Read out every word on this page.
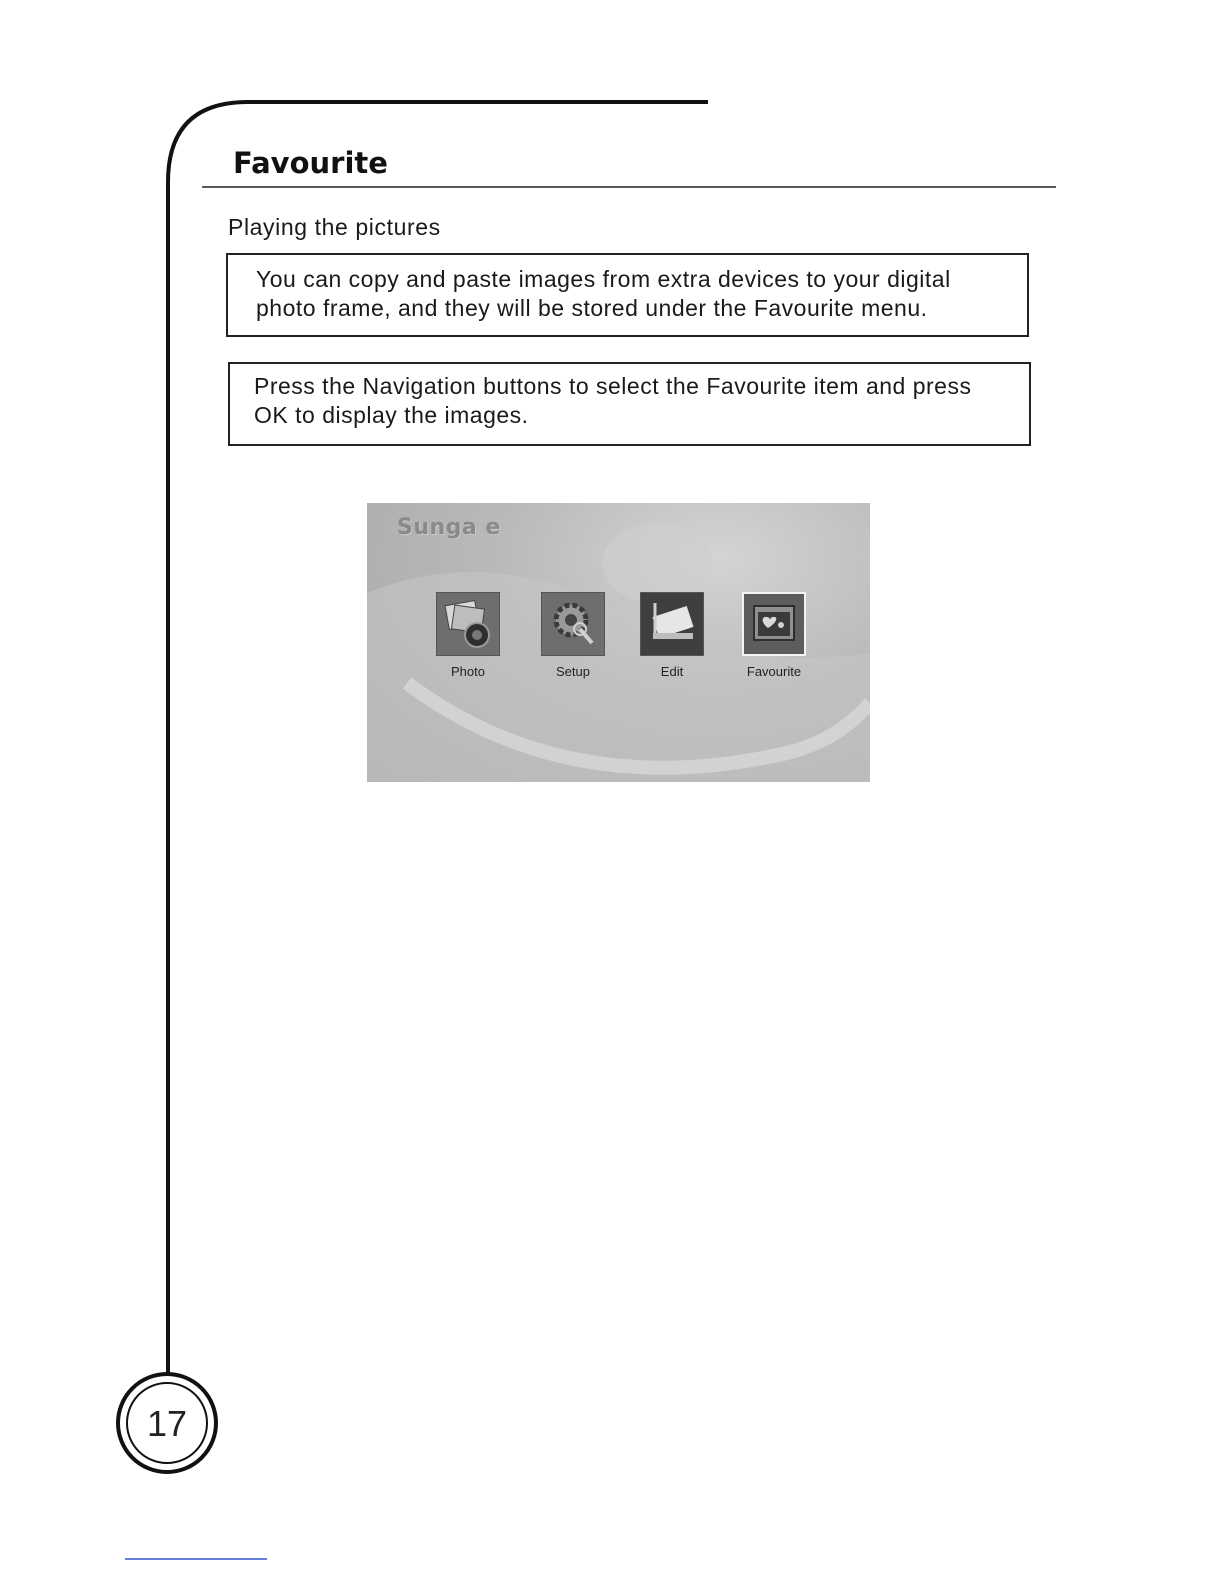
Favourite
Playing the pictures
You can copy and paste images from extra devices to your digital
photo frame, and they will be stored under the Favourite menu.
Press the Navigation buttons to select the Favourite item and press
OK to display the images.
Sunga e
Photo	Setup	Edit	Favourite
17
